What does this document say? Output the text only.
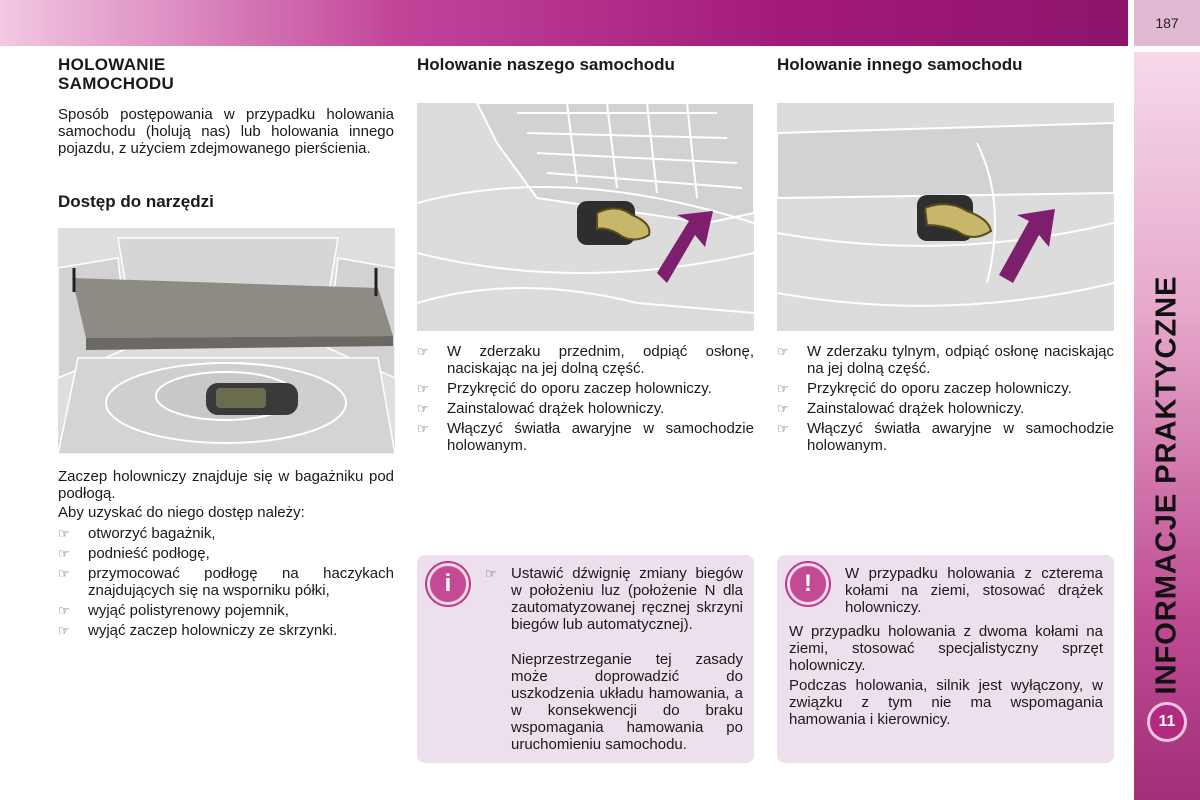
187
INFORMACJE PRAKTYCZNE
11
HOLOWANIE
SAMOCHODU

Sposób postępowania w przypadku holowania samochodu (holują nas) lub holowania innego pojazdu, z użyciem zdejmowanego pierścienia.

Dostęp do narzędzi

Zaczep holowniczy znajduje się w bagażniku pod podłogą.

Aby uzyskać do niego dostęp należy:

☞ otworzyć bagażnik,
☞ podnieść podłogę,
☞ przymocować podłogę na haczykach znajdujących się na wsporniku półki,
☞ wyjąć polistyrenowy pojemnik,
☞ wyjąć zaczep holowniczy ze skrzynki.
Holowanie naszego samochodu
☞ W zderzaku przednim, odpiąć osłonę, naciskając na jej dolną część.
☞ Przykręcić do oporu zaczep holowniczy.
☞ Zainstalować drążek holowniczy.
☞ Włączyć światła awaryjne w samochodzie holowanym.
i	☞ Ustawić dźwignię zmiany biegów w położeniu luz (położenie N dla zautomatyzowanej ręcznej skrzyni biegów lub automatycznej).

Nieprzestrzeganie tej zasady może doprowadzić do uszkodzenia układu hamowania, a w konsekwencji do braku wspomagania hamowania po uruchomieniu samochodu.

Holowanie innego samochodu
☞ W zderzaku tylnym, odpiąć osłonę naciskając na jej dolną część.
☞ Przykręcić do oporu zaczep holowniczy.
☞ Zainstalować drążek holowniczy.
☞ Włączyć światła awaryjne w samochodzie holowanym.
!	W przypadku holowania z czterema kołami na ziemi, stosować drążek holowniczy.

W przypadku holowania z dwoma kołami na ziemi, stosować specjalistyczny sprzęt holowniczy.

Podczas holowania, silnik jest wyłączony, w związku z tym nie ma wspomagania hamowania i kierownicy.
